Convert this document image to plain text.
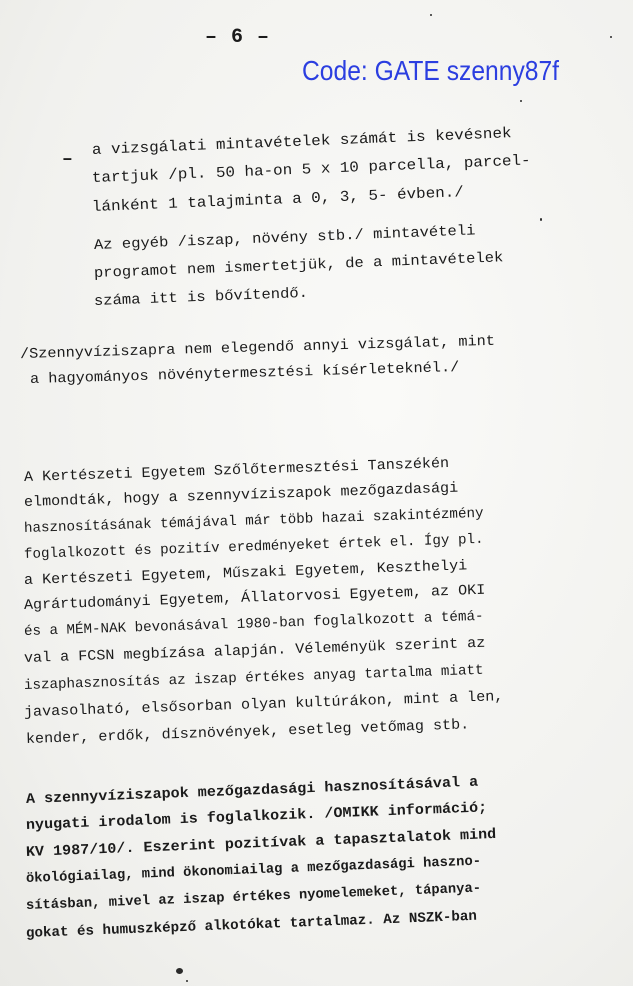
– 6 –
Code: GATE szenny87f
–
a vizsgálati mintavételek számát is kevésnek
tartjuk /pl. 50 ha-on 5 x 10 parcella, parcel-
lánként 1 talajminta a 0, 3, 5- évben./
Az egyéb /iszap, növény stb./ mintavételi
programot nem ismertetjük, de a mintavételek
száma itt is bővítendő.
/Szennyvíziszapra nem elegendő annyi vizsgálat, mint
a hagyományos növénytermesztési kísérleteknél./
A Kertészeti Egyetem Szőlőtermesztési Tanszékén
elmondták, hogy a szennyvíziszapok mezőgazdasági
hasznosításának témájával már több hazai szakintézmény
foglalkozott és pozitív eredményeket értek el. Így pl.
a Kertészeti Egyetem, Műszaki Egyetem, Keszthelyi
Agrártudományi Egyetem, Állatorvosi Egyetem, az OKI
és a MÉM-NAK bevonásával 1980-ban foglalkozott a témá-
val a FCSN megbízása alapján. Véleményük szerint az
iszaphasznosítás az iszap értékes anyag tartalma miatt
javasolható, elsősorban olyan kultúrákon, mint a len,
kender, erdők, dísznövények, esetleg vetőmag stb.
A szennyvíziszapok mezőgazdasági hasznosításával a
nyugati irodalom is foglalkozik. /OMIKK információ;
KV 1987/10/. Eszerint pozitívak a tapasztalatok mind
ökológiailag, mind ökonomiailag a mezőgazdasági haszno-
sításban, mivel az iszap értékes nyomelemeket, tápanya-
gokat és humuszképző alkotókat tartalmaz. Az NSZK-ban
